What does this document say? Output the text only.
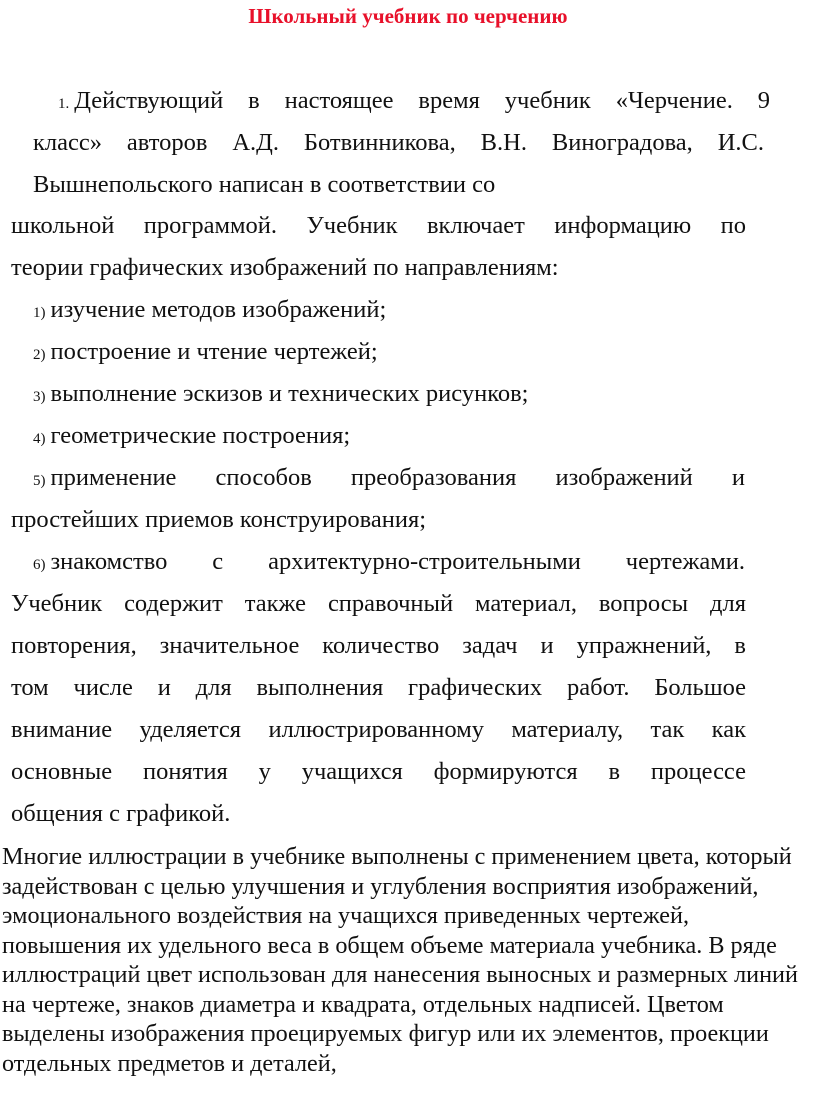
Школьный учебник по черчению
1. Действующий в настоящее время учебник «Черчение. 9
класс» авторов А.Д. Ботвинникова, В.Н. Виноградова, И.С.
Вышнепольского написан в соответствии со
школьной программой. Учебник включает информацию по
теории графических изображений по направлениям:
1) изучение методов изображений;
2) построение и чтение чертежей;
3) выполнение эскизов и технических рисунков;
4) геометрические построения;
5) применение способов преобразования изображений и
простейших приемов конструирования;
6) знакомство с архитектурно-строительными чертежами.
Учебник содержит также справочный материал, вопросы для
повторения, значительное количество задач и упражнений, в
том числе и для выполнения графических работ. Большое
внимание уделяется иллюстрированному материалу, так как
основные понятия у учащихся формируются в процессе
общения с графикой.

Многие иллюстрации в учебнике выполнены с применением цвета, который задействован с целью улучшения и углубления восприятия изображений, эмоционального воздействия на учащихся приведенных чертежей, повышения их удельного веса в общем объеме материала учебника. В ряде иллюстраций цвет использован для нанесения выносных и размерных линий на чертеже, знаков диаметра и квадрата, отдельных надписей. Цветом выделены изображения проецируемых фигур или их элементов, проекции отдельных предметов и деталей,
